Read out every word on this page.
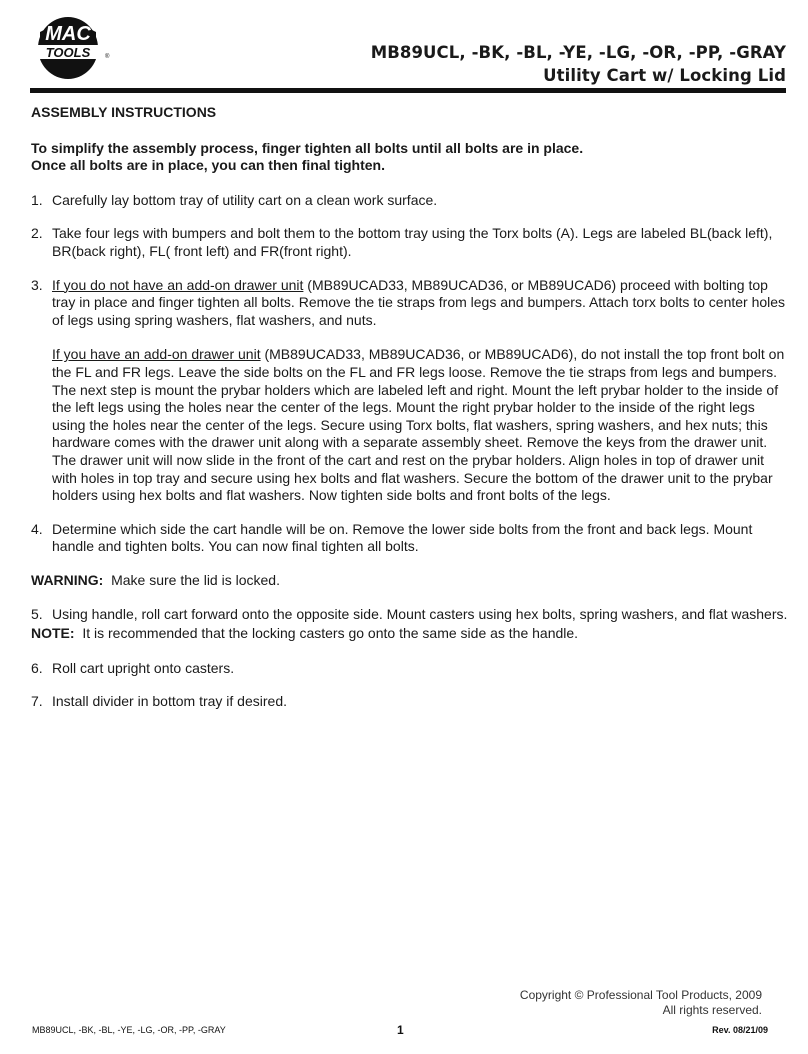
MAC
TOOLS ®	MB89UCL, -BK, -BL, -YE, -LG, -OR, -PP, -GRAY
Utility Cart w/ Locking Lid
ASSEMBLY INSTRUCTIONS
To simplify the assembly process, finger tighten all bolts until all bolts are in place.
Once all bolts are in place, you can then final tighten.
1. Carefully lay bottom tray of utility cart on a clean work surface.

2. Take four legs with bumpers and bolt them to the bottom tray using the Torx bolts (A). Legs are labeled BL(back left), BR(back right), FL( front left) and FR(front right).

3. If you do not have an add-on drawer unit (MB89UCAD33, MB89UCAD36, or MB89UCAD6) proceed with bolting top tray in place and finger tighten all bolts. Remove the tie straps from legs and bumpers. Attach torx bolts to center holes of legs using spring washers, flat washers, and nuts.

If you have an add-on drawer unit (MB89UCAD33, MB89UCAD36, or MB89UCAD6), do not install the top front bolt on the FL and FR legs. Leave the side bolts on the FL and FR legs loose. Remove the tie straps from legs and bumpers. The next step is mount the prybar holders which are labeled left and right. Mount the left prybar holder to the inside of the left legs using the holes near the center of the legs. Mount the right prybar holder to the inside of the right legs using the holes near the center of the legs. Secure using Torx bolts, flat washers, spring washers, and hex nuts; this hardware comes with the drawer unit along with a separate assembly sheet. Remove the keys from the drawer unit. The drawer unit will now slide in the front of the cart and rest on the prybar holders. Align holes in top of drawer unit with holes in top tray and secure using hex bolts and flat washers. Secure the bottom of the drawer unit to the prybar holders using hex bolts and flat washers. Now tighten side bolts and front bolts of the legs.

4. Determine which side the cart handle will be on. Remove the lower side bolts from the front and back legs. Mount handle and tighten bolts. You can now final tighten all bolts.

WARNING: Make sure the lid is locked.
5. Using handle, roll cart forward onto the opposite side. Mount casters using hex bolts, spring washers, and flat washers.

NOTE: It is recommended that the locking casters go onto the same side as the handle.
6. Roll cart upright onto casters.

7. Install divider in bottom tray if desired.

Copyright © Professional Tool Products, 2009
All rights reserved.
MB89UCL, -BK, -BL, -YE, -LG, -OR, -PP, -GRAY	1	Rev. 08/21/09
